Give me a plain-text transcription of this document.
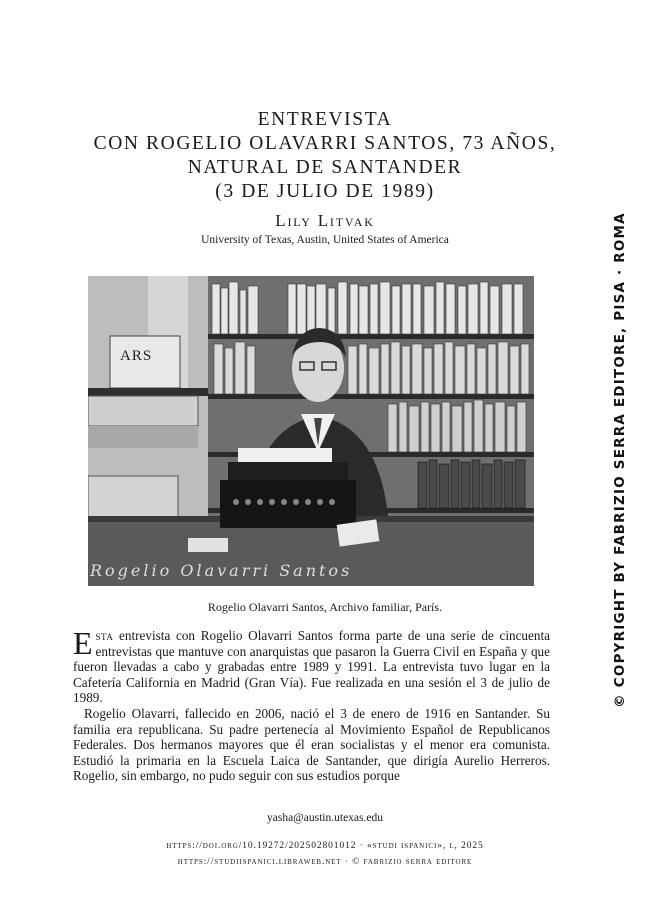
ENTREVISTA
CON ROGELIO OLAVARRI SANTOS, 73 AÑOS,
NATURAL DE SANTANDER
(3 DE JULIO DE 1989)
Lily Litvak
University of Texas, Austin, United States of America
ARS
Rogelio Olavarri Santos
Rogelio Olavarri Santos, Archivo familiar, París.

Esta entrevista con Rogelio Olavarri Santos forma parte de una serie de cincuenta entrevistas que mantuve con anarquistas que pasaron la Guerra Civil en España y que fueron llevadas a cabo y grabadas entre 1989 y 1991. La entrevista tuvo lugar en la Cafetería California en Madrid (Gran Vía). Fue realizada en una sesión el 3 de julio de 1989.

Rogelio Olavarri, fallecido en 2006, nació el 3 de enero de 1916 en Santander. Su familia era republicana. Su padre pertenecía al Movimiento Español de Republicanos Federales. Dos hermanos mayores que él eran socialistas y el menor era comunista. Estudió la primaria en la Escuela Laica de Santander, que dirigía Aurelio Herreros. Rogelio, sin embargo, no pudo seguir con sus estudios porque

yasha@austin.utexas.edu
https://doi.org/10.19272/202502801012 · «studi ispanici», l, 2025
https://studiispanici.libraweb.net · © fabrizio serra editore
© COPYRIGHT BY FABRIZIO SERRA EDITORE, PISA · ROMA
